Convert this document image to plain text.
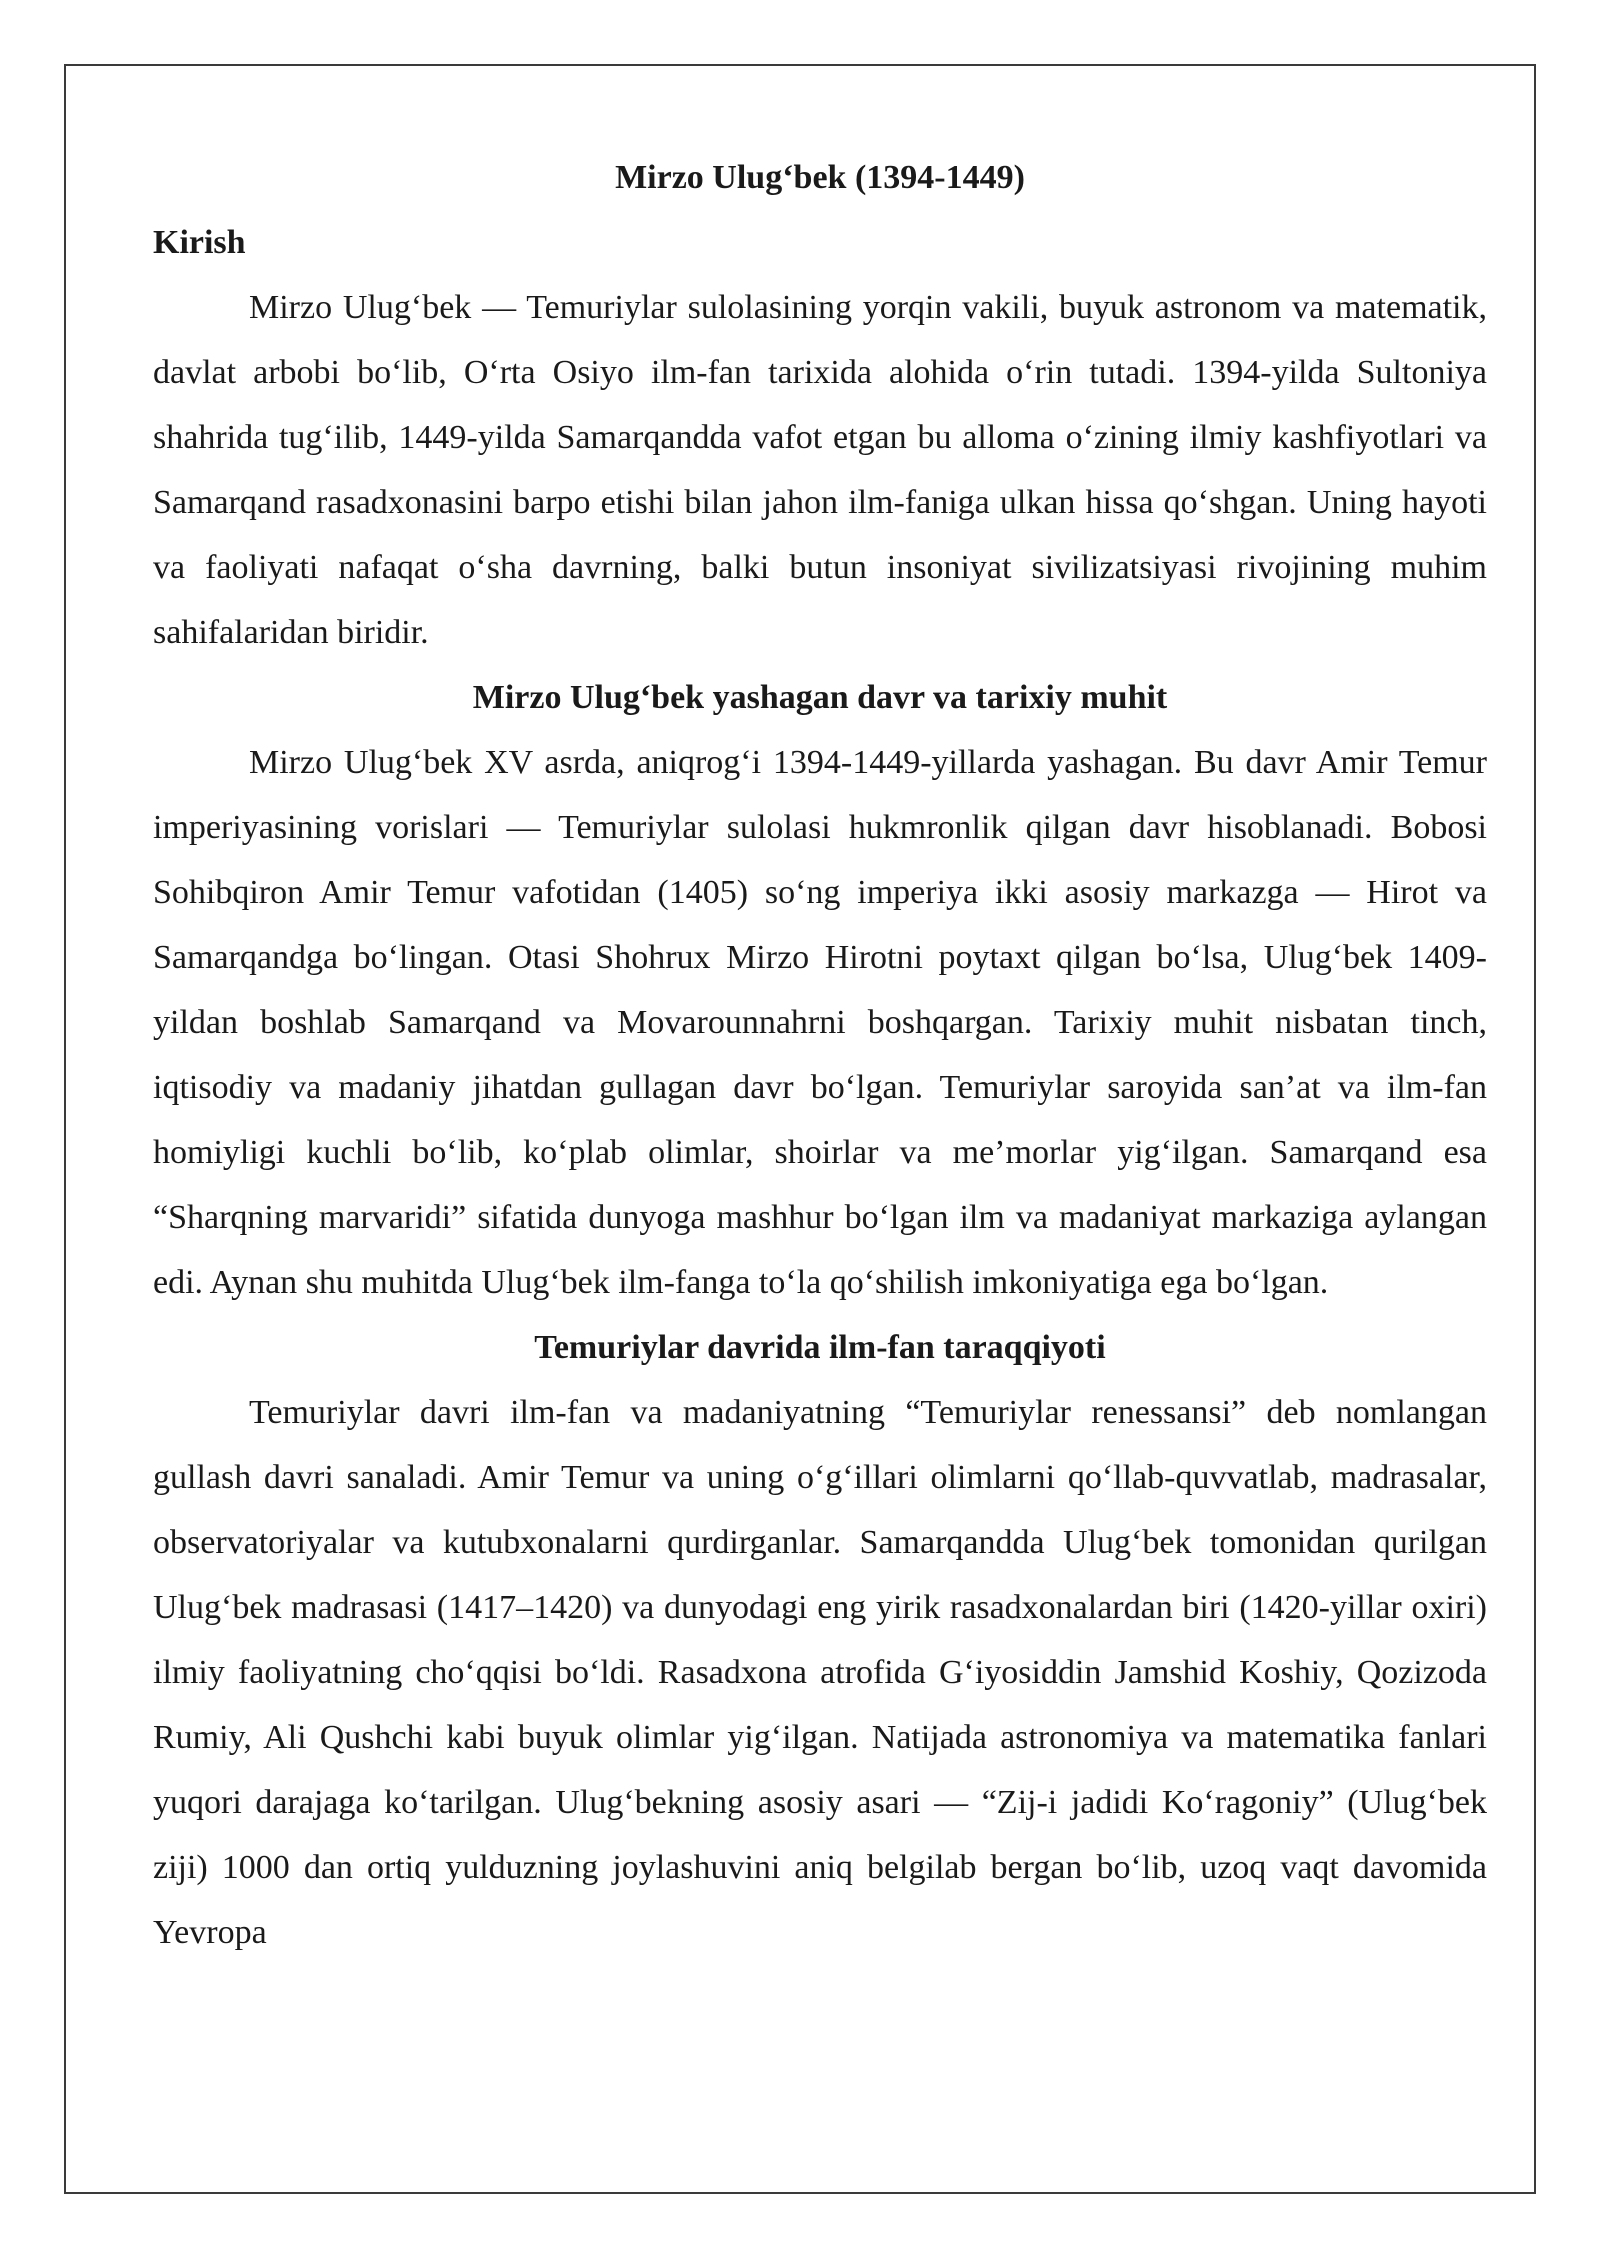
Mirzo Ulug‘bek (1394-1449)

Kirish

Mirzo Ulug‘bek — Temuriylar sulolasining yorqin vakili, buyuk astronom va matematik, davlat arbobi bo‘lib, O‘rta Osiyo ilm-fan tarixida alohida o‘rin tutadi. 1394-yilda Sultoniya shahrida tug‘ilib, 1449-yilda Samarqandda vafot etgan bu alloma o‘zining ilmiy kashfiyotlari va Samarqand rasadxonasini barpo etishi bilan jahon ilm-faniga ulkan hissa qo‘shgan. Uning hayoti va faoliyati nafaqat o‘sha davrning, balki butun insoniyat sivilizatsiyasi rivojining muhim sahifalaridan biridir.

Mirzo Ulug‘bek yashagan davr va tarixiy muhit

Mirzo Ulug‘bek XV asrda, aniqrog‘i 1394-1449-yillarda yashagan. Bu davr Amir Temur imperiyasining vorislari — Temuriylar sulolasi hukmronlik qilgan davr hisoblanadi. Bobosi Sohibqiron Amir Temur vafotidan (1405) so‘ng imperiya ikki asosiy markazga — Hirot va Samarqandga bo‘lingan. Otasi Shohrux Mirzo Hirotni poytaxt qilgan bo‘lsa, Ulug‘bek 1409-yildan boshlab Samarqand va Movarounnahrni boshqargan. Tarixiy muhit nisbatan tinch, iqtisodiy va madaniy jihatdan gullagan davr bo‘lgan. Temuriylar saroyida san’at va ilm-fan homiyligi kuchli bo‘lib, ko‘plab olimlar, shoirlar va me’morlar yig‘ilgan. Samarqand esa “Sharqning marvaridi” sifatida dunyoga mashhur bo‘lgan ilm va madaniyat markaziga aylangan edi. Aynan shu muhitda Ulug‘bek ilm-fanga to‘la qo‘shilish imkoniyatiga ega bo‘lgan.

Temuriylar davrida ilm-fan taraqqiyoti

Temuriylar davri ilm-fan va madaniyatning “Temuriylar renessansi” deb nomlangan gullash davri sanaladi. Amir Temur va uning o‘g‘illari olimlarni qo‘llab-quvvatlab, madrasalar, observatoriyalar va kutubxonalarni qurdirganlar. Samarqandda Ulug‘bek tomonidan qurilgan Ulug‘bek madrasasi (1417–1420) va dunyodagi eng yirik rasadxonalardan biri (1420-yillar oxiri) ilmiy faoliyatning cho‘qqisi bo‘ldi. Rasadxona atrofida G‘iyosiddin Jamshid Koshiy, Qozizoda Rumiy, Ali Qushchi kabi buyuk olimlar yig‘ilgan. Natijada astronomiya va matematika fanlari yuqori darajaga ko‘tarilgan. Ulug‘bekning asosiy asari — “Zij-i jadidi Ko‘ragoniy” (Ulug‘bek ziji) 1000 dan ortiq yulduzning joylashuvini aniq belgilab bergan bo‘lib, uzoq vaqt davomida Yevropa
